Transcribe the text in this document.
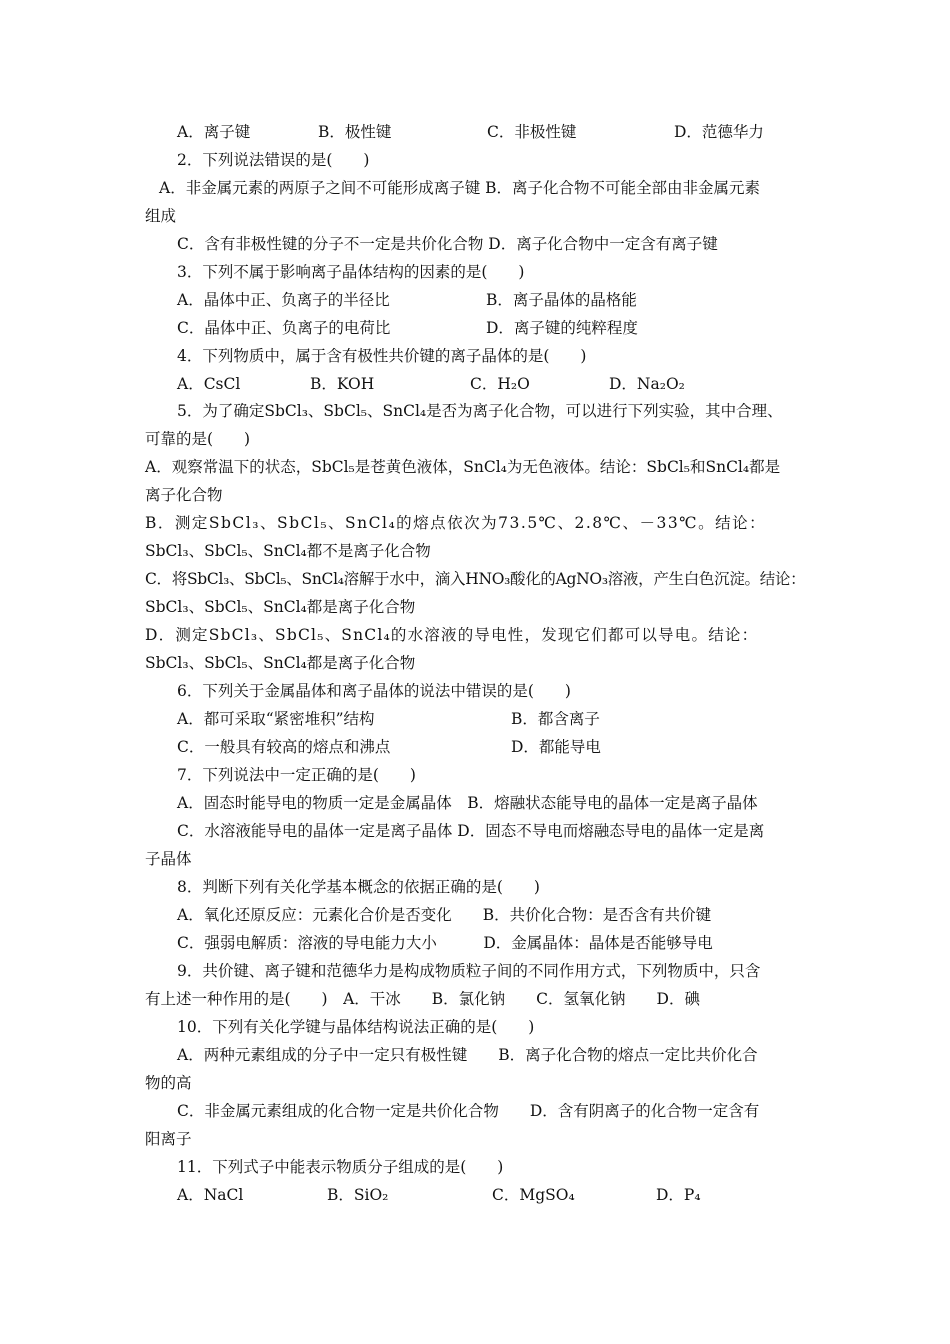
A．离子键	B．极性键	C．非极性键	D．范德华力
2．下列说法错误的是(　　)
A．非金属元素的两原子之间不可能形成离子键 B．离子化合物不可能全部由非金属元素
组成
C．含有非极性键的分子不一定是共价化合物 D．离子化合物中一定含有离子键
3．下列不属于影响离子晶体结构的因素的是(　　)
A．晶体中正、负离子的半径比	B．离子晶体的晶格能
C．晶体中正、负离子的电荷比	D．离子键的纯粹程度
4．下列物质中，属于含有极性共价键的离子晶体的是(　　)
A．CsCl	B．KOH	C．H₂O	D．Na₂O₂
5．为了确定SbCl₃、SbCl₅、SnCl₄是否为离子化合物，可以进行下列实验，其中合理、
可靠的是(　　)
A．观察常温下的状态，SbCl₅是苍黄色液体，SnCl₄为无色液体。结论：SbCl₅和SnCl₄都是
离子化合物
B．测定SbCl₃、SbCl₅、SnCl₄的熔点依次为73.5℃、2.8℃、－33℃。结论：
SbCl₃、SbCl₅、SnCl₄都不是离子化合物
C．将SbCl₃、SbCl₅、SnCl₄溶解于水中，滴入HNO₃酸化的AgNO₃溶液，产生白色沉淀。结论：
SbCl₃、SbCl₅、SnCl₄都是离子化合物
D．测定SbCl₃、SbCl₅、SnCl₄的水溶液的导电性，发现它们都可以导电。结论：
SbCl₃、SbCl₅、SnCl₄都是离子化合物
6．下列关于金属晶体和离子晶体的说法中错误的是(　　)
A．都可采取“紧密堆积”结构	B．都含离子
C．一般具有较高的熔点和沸点	D．都能导电
7．下列说法中一定正确的是(　　)
A．固态时能导电的物质一定是金属晶体　B．熔融状态能导电的晶体一定是离子晶体
C．水溶液能导电的晶体一定是离子晶体 D．固态不导电而熔融态导电的晶体一定是离
子晶体
8．判断下列有关化学基本概念的依据正确的是(　　)
A．氧化还原反应：元素化合价是否变化　　B．共价化合物：是否含有共价键
C．强弱电解质：溶液的导电能力大小　　　D．金属晶体：晶体是否能够导电
9．共价键、离子键和范德华力是构成物质粒子间的不同作用方式，下列物质中，只含
有上述一种作用的是(　　)　A．干冰　　B．氯化钠　　C．氢氧化钠　　D．碘
10．下列有关化学键与晶体结构说法正确的是(　　)
A．两种元素组成的分子中一定只有极性键　　B．离子化合物的熔点一定比共价化合
物的高
C．非金属元素组成的化合物一定是共价化合物　　D．含有阴离子的化合物一定含有
阳离子
11．下列式子中能表示物质分子组成的是(　　)
A．NaCl	B．SiO₂	C．MgSO₄	D．P₄
